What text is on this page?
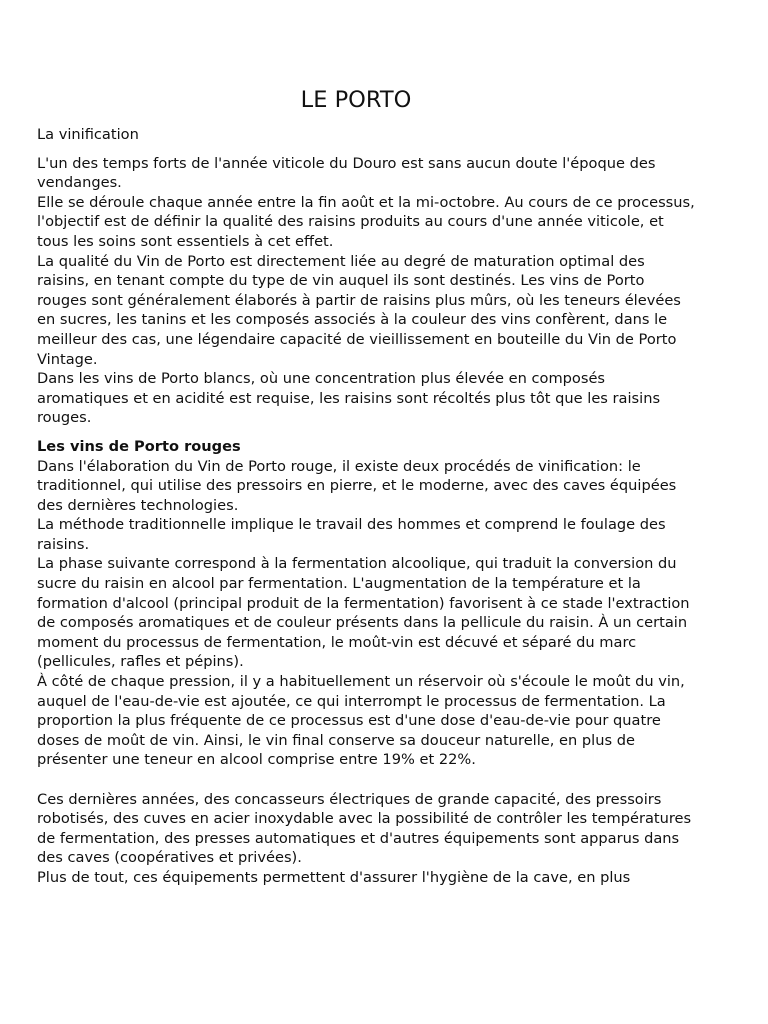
LE PORTO

La vinification

L'un des temps forts de l'année viticole du Douro est sans aucun doute l'époque des vendanges.

Elle se déroule chaque année entre la fin août et la mi-octobre. Au cours de ce processus, l'objectif est de définir la qualité des raisins produits au cours d'une année viticole, et tous les soins sont essentiels à cet effet.

La qualité du Vin de Porto est directement liée au degré de maturation optimal des raisins, en tenant compte du type de vin auquel ils sont destinés. Les vins de Porto rouges sont généralement élaborés à partir de raisins plus mûrs, où les teneurs élevées en sucres, les tanins et les composés associés à la couleur des vins confèrent, dans le meilleur des cas, une légendaire capacité de vieillissement en bouteille du Vin de Porto Vintage.

Dans les vins de Porto blancs, où une concentration plus élevée en composés aromatiques et en acidité est requise, les raisins sont récoltés plus tôt que les raisins rouges.

Les vins de Porto rouges

Dans l'élaboration du Vin de Porto rouge, il existe deux procédés de vinification: le traditionnel, qui utilise des pressoirs en pierre, et le moderne, avec des caves équipées des dernières technologies.

La méthode traditionnelle implique le travail des hommes et comprend le foulage des raisins.

La phase suivante correspond à la fermentation alcoolique, qui traduit la conversion du sucre du raisin en alcool par fermentation. L'augmentation de la température et la formation d'alcool (principal produit de la fermentation) favorisent à ce stade l'extraction de composés aromatiques et de couleur présents dans la pellicule du raisin. À un certain moment du processus de fermentation, le moût-vin est décuvé et séparé du marc (pellicules, rafles et pépins).

À côté de chaque pression, il y a habituellement un réservoir où s'écoule le moût du vin, auquel de l'eau-de-vie est ajoutée, ce qui interrompt le processus de fermentation. La proportion la plus fréquente de ce processus est d'une dose d'eau-de-vie pour quatre doses de moût de vin. Ainsi, le vin final conserve sa douceur naturelle, en plus de présenter une teneur en alcool comprise entre 19% et 22%.

Ces dernières années, des concasseurs électriques de grande capacité, des pressoirs robotisés, des cuves en acier inoxydable avec la possibilité de contrôler les températures de fermentation, des presses automatiques et d'autres équipements sont apparus dans des caves (coopératives et privées).

Plus de tout, ces équipements permettent d'assurer l'hygiène de la cave, en plus
